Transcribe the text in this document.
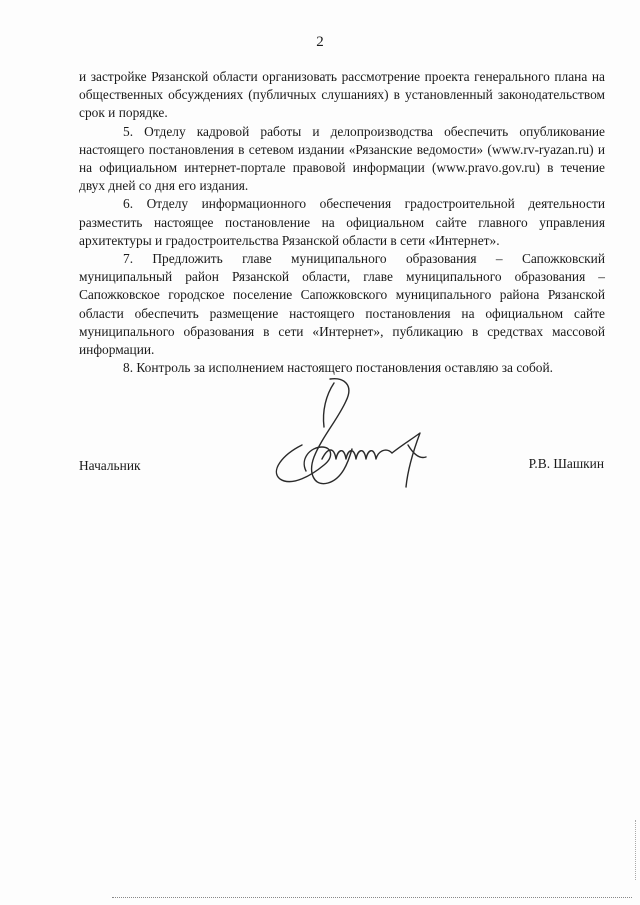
2

и застройке Рязанской области организовать рассмотрение проекта генерального плана на общественных обсуждениях (публичных слушаниях) в установленный законодательством срок и порядке.

5. Отделу кадровой работы и делопроизводства обеспечить опубликование настоящего постановления в сетевом издании «Рязанские ведомости» (www.rv-ryazan.ru) и на официальном интернет-портале правовой информации (www.pravo.gov.ru) в течение двух дней со дня его издания.

6. Отделу информационного обеспечения градостроительной деятельности разместить настоящее постановление на официальном сайте главного управления архитектуры и градостроительства Рязанской области в сети «Интернет».

7. Предложить главе муниципального образования – Сапожковский муниципальный район Рязанской области, главе муниципального образования – Сапожковское городское поселение Сапожковского муниципального района Рязанской области обеспечить размещение настоящего постановления на официальном сайте муниципального образования в сети «Интернет», публикацию в средствах массовой информации.

8. Контроль за исполнением настоящего постановления оставляю за собой.

Начальник	Р.В. Шашкин
